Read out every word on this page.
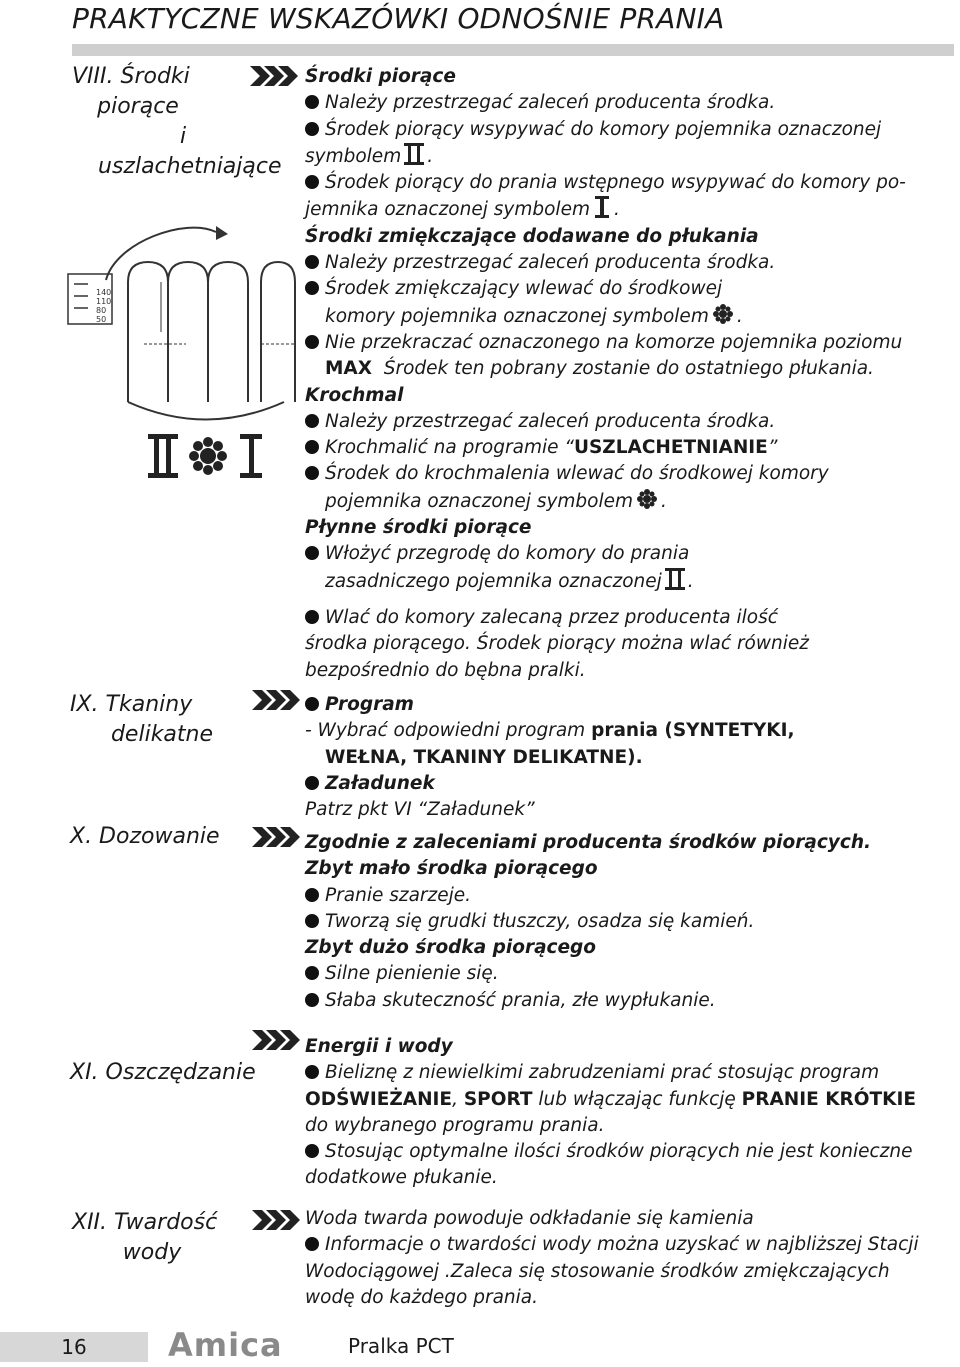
PRAKTYCZNE WSKAZÓWKI ODNOŚNIE PRANIA
VIII. Środki
piorące
i uszlachetniające
IX. Tkaniny
delikatne
X. Dozowanie
XI. Oszczędzanie
XII. Twardość
wody
140
110
80
50

Środki piorące

Należy przestrzegać zaleceń producenta środka.

Środek piorący wsypywać do komory pojemnika oznaczonej

symbolem .

Środek piorący do prania wstępnego wsypywać do komory po-

jemnika oznaczonej symbolem .

Środki zmiękczające dodawane do płukania

Należy przestrzegać zaleceń producenta środka.

Środek zmiękczający wlewać do środkowej

komory pojemnika oznaczonej symbolem .

Nie przekraczać oznaczonego na komorze pojemnika poziomu

MAX Środek ten pobrany zostanie do ostatniego płukania.

Krochmal

Należy przestrzegać zaleceń producenta środka.

Krochmalić na programie “USZLACHETNIANIE”

Środek do krochmalenia wlewać do środkowej komory

pojemnika oznaczonej symbolem .

Płynne środki piorące

Włożyć przegrodę do komory do prania

zasadniczego pojemnika oznaczonej .

Wlać do komory zalecaną przez producenta ilość

środka piorącego. Środek piorący można wlać również

bezpośrednio do bębna pralki.

Program

- Wybrać odpowiedni program prania (SYNTETYKI,

WEŁNA, TKANINY DELIKATNE).

Załadunek

Patrz pkt VI “Załadunek”

Zgodnie z zaleceniami producenta środków piorących.

Zbyt mało środka piorącego

Pranie szarzeje.

Tworzą się grudki tłuszczy, osadza się kamień.

Zbyt dużo środka piorącego

Silne pienienie się.

Słaba skuteczność prania, złe wypłukanie.

Energii i wody

Bieliznę z niewielkimi zabrudzeniami prać stosując program

ODŚWIEŻANIE, SPORT lub włączając funkcję PRANIE KRÓTKIE

do wybranego programu prania.

Stosując optymalne ilości środków piorących nie jest konieczne

dodatkowe płukanie.

Woda twarda powoduje odkładanie się kamienia

Informacje o twardości wody można uzyskać w najbliższej Stacji

Wodociągowej .Zaleca się stosowanie środków zmiękczających

wodę do każdego prania.

16	Amica	Pralka PCT
